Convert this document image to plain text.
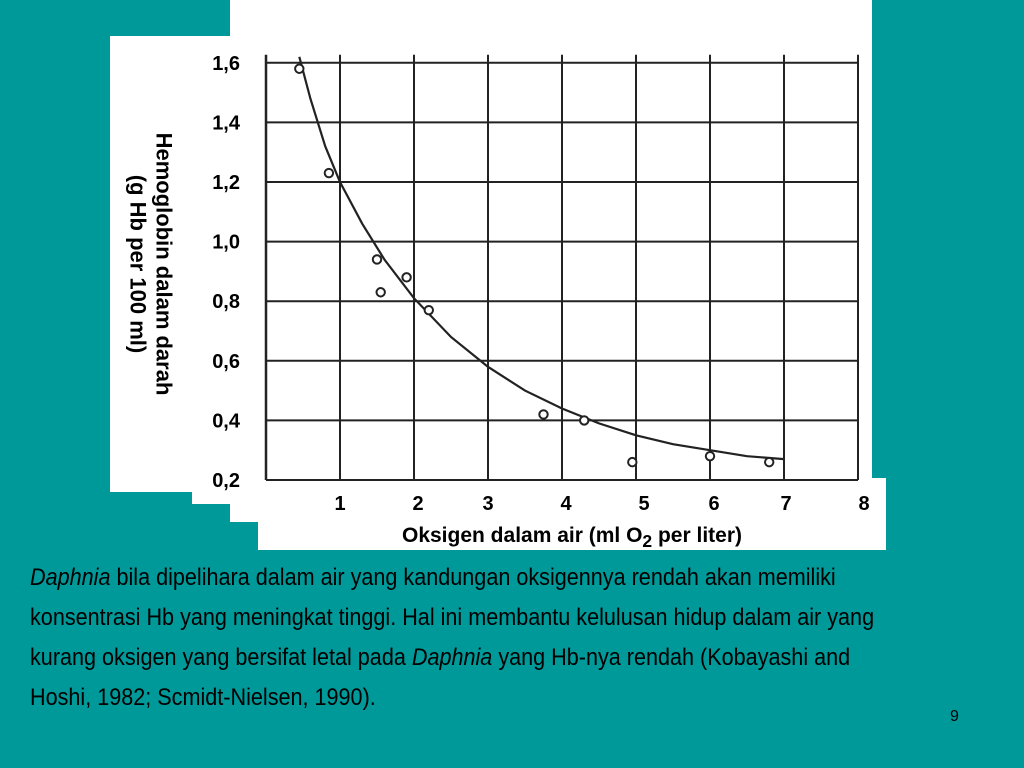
1,6
1,4
1,2
1,0
0,8
0,6
0,4
0,2
1	2	3	4	5	6	7	8
Hemoglobin dalam darah
(g Hb per 100 ml)
Oksigen dalam air (ml $O_2$ per liter)
Daphnia bila dipelihara dalam air yang kandungan oksigennya rendah akan memiliki konsentrasi Hb yang meningkat tinggi. Hal ini membantu kelulusan hidup dalam air yang kurang oksigen yang bersifat letal pada Daphnia yang Hb-nya rendah (Kobayashi and Hoshi, 1982; Scmidt-Nielsen, 1990).
9
